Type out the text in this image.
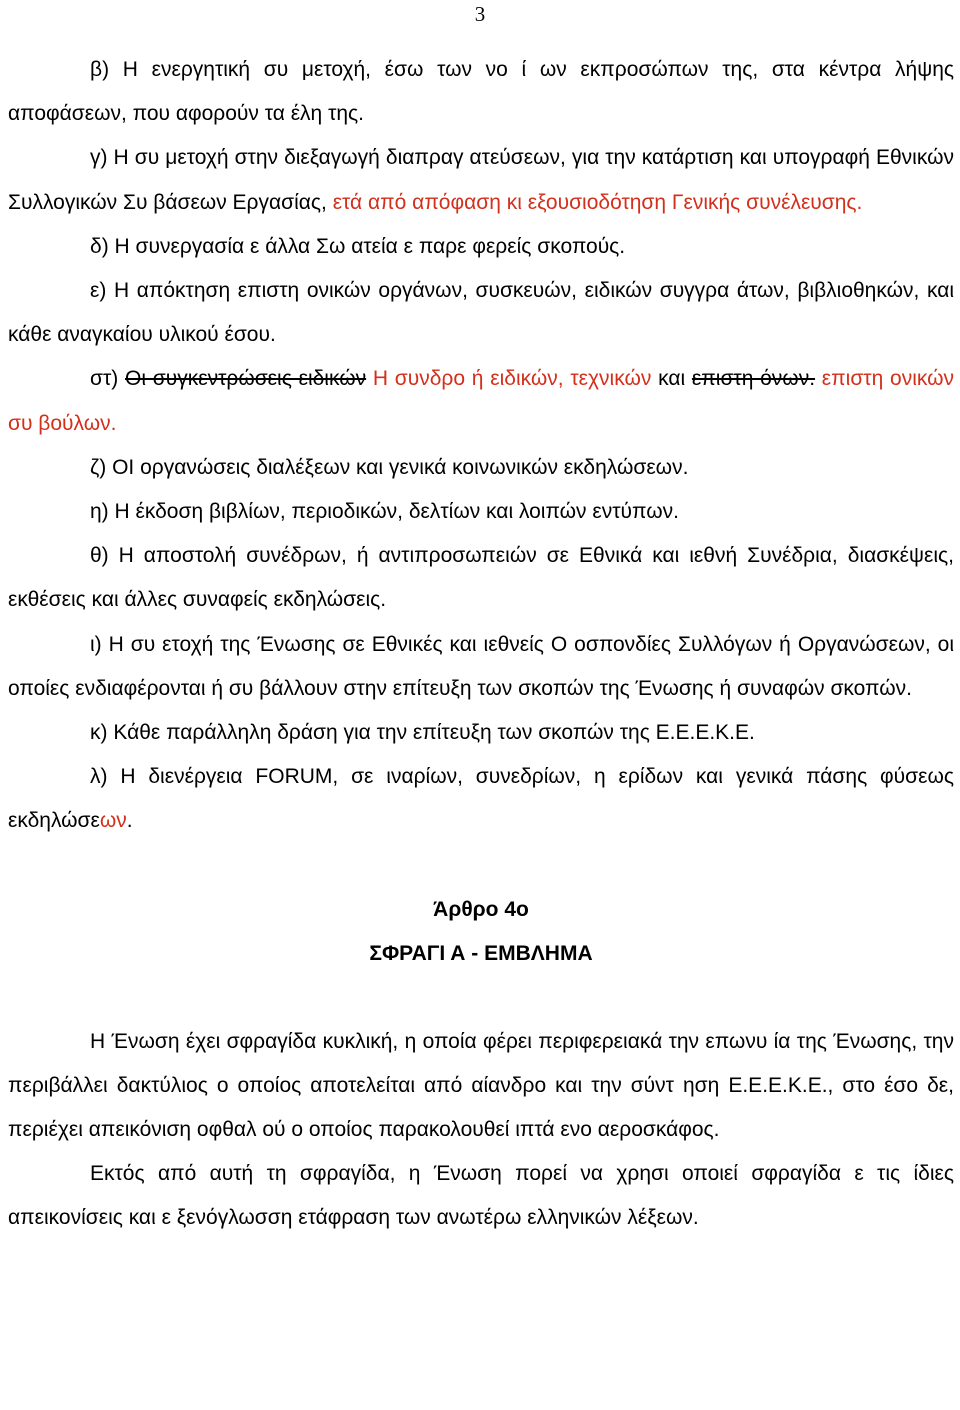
3

β) Η ενεργητική συ μετοχή, έσω των νο ί ων εκπροσώπων της, στα κέντρα λήψης αποφάσεων, που αφορούν τα έλη της.

γ) Η συ μετοχή στην διεξαγωγή διαπραγ ατεύσεων, για την κατάρτιση και υπογραφή Εθνικών Συλλογικών Συ βάσεων Εργασίας, ετά από απόφαση κι εξουσιοδότηση Γενικής συνέλευσης.

δ) Η συνεργασία ε άλλα Σω ατεία ε παρε φερείς σκοπούς.

ε) Η απόκτηση επιστη ονικών οργάνων, συσκευών, ειδικών συγγρα άτων, βιβλιοθηκών, και κάθε αναγκαίου υλικού έσου.

στ) Οι συγκεντρώσεις ειδικών Η συνδρο ή ειδικών, τεχνικών και επιστη όνων. επιστη ονικών συ βούλων.

ζ) ΟΙ οργανώσεις διαλέξεων και γενικά κοινωνικών εκδηλώσεων.

η) Η έκδοση βιβλίων, περιοδικών, δελτίων και λοιπών εντύπων.

θ) Η αποστολή συνέδρων, ή αντιπροσωπειών σε Εθνικά και ιεθνή Συνέδρια, διασκέψεις, εκθέσεις και άλλες συναφείς εκδηλώσεις.

ι) Η συ ετοχή της Ένωσης σε Εθνικές και ιεθνείς Ο οσπονδίες Συλλόγων ή Οργανώσεων, οι οποίες ενδιαφέρονται ή συ βάλλουν στην επίτευξη των σκοπών της Ένωσης ή συναφών σκοπών.

κ) Κάθε παράλληλη δράση για την επίτευξη των σκοπών της Ε.Ε.Ε.Κ.Ε.

λ) Η διενέργεια FORUM, σε ιναρίων, συνεδρίων, η ερίδων και γενικά πάσης φύσεως εκδηλώσεων.

Άρθρο 4ο

ΣΦΡΑΓΙ Α - ΕΜΒΛΗΜΑ

Η Ένωση έχει σφραγίδα κυκλική, η οποία φέρει περιφερειακά την επωνυ ία της Ένωσης, την περιβάλλει δακτύλιος ο οποίος αποτελείται από αίανδρο και την σύντ ηση Ε.Ε.Ε.Κ.Ε., στο έσο δε, περιέχει απεικόνιση οφθαλ ού ο οποίος παρακολουθεί ιπτά ενο αεροσκάφος.

Εκτός από αυτή τη σφραγίδα, η Ένωση πορεί να χρησι οποιεί σφραγίδα ε τις ίδιες απεικονίσεις και ε ξενόγλωσση ετάφραση των ανωτέρω ελληνικών λέξεων.
